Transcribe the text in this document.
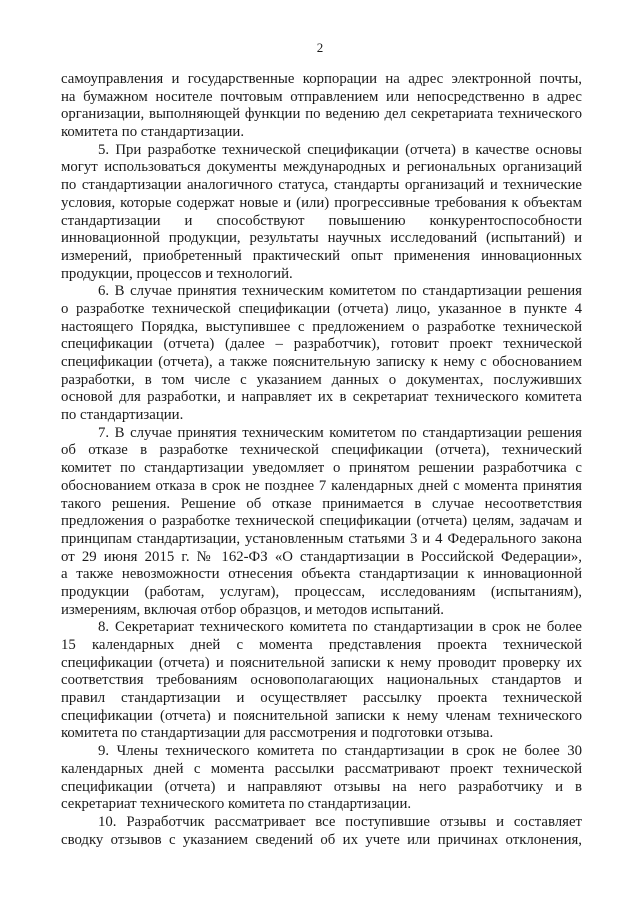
2
самоуправления и государственные корпорации на адрес электронной почты,
на бумажном носителе почтовым отправлением или непосредственно в адрес
организации, выполняющей функции по ведению дел секретариата технического
комитета по стандартизации.
5. При разработке технической спецификации (отчета) в качестве основы
могут использоваться документы международных и региональных организаций
по стандартизации аналогичного статуса, стандарты организаций и технические
условия, которые содержат новые и (или) прогрессивные требования к объектам
стандартизации и способствуют повышению конкурентоспособности
инновационной продукции, результаты научных исследований (испытаний) и
измерений, приобретенный практический опыт применения инновационных
продукции, процессов и технологий.
6. В случае принятия техническим комитетом по стандартизации решения
о разработке технической спецификации (отчета) лицо, указанное в пункте 4
настоящего Порядка, выступившее с предложением о разработке технической
спецификации (отчета) (далее – разработчик), готовит проект технической
спецификации (отчета), а также пояснительную записку к нему с обоснованием
разработки, в том числе с указанием данных о документах, послуживших
основой для разработки, и направляет их в секретариат технического комитета
по стандартизации.
7. В случае принятия техническим комитетом по стандартизации решения
об отказе в разработке технической спецификации (отчета), технический
комитет по стандартизации уведомляет о принятом решении разработчика с
обоснованием отказа в срок не позднее 7 календарных дней с момента принятия
такого решения. Решение об отказе принимается в случае несоответствия
предложения о разработке технической спецификации (отчета) целям, задачам и
принципам стандартизации, установленным статьями 3 и 4 Федерального закона
от 29 июня 2015 г. № 162-ФЗ «О стандартизации в Российской Федерации»,
а также невозможности отнесения объекта стандартизации к инновационной
продукции (работам, услугам), процессам, исследованиям (испытаниям),
измерениям, включая отбор образцов, и методов испытаний.
8. Секретариат технического комитета по стандартизации в срок не более
15 календарных дней с момента представления проекта технической
спецификации (отчета) и пояснительной записки к нему проводит проверку их
соответствия требованиям основополагающих национальных стандартов и
правил стандартизации и осуществляет рассылку проекта технической
спецификации (отчета) и пояснительной записки к нему членам технического
комитета по стандартизации для рассмотрения и подготовки отзыва.
9. Члены технического комитета по стандартизации в срок не более 30
календарных дней с момента рассылки рассматривают проект технической
спецификации (отчета) и направляют отзывы на него разработчику и в
секретариат технического комитета по стандартизации.
10. Разработчик рассматривает все поступившие отзывы и составляет
сводку отзывов с указанием сведений об их учете или причинах отклонения,
